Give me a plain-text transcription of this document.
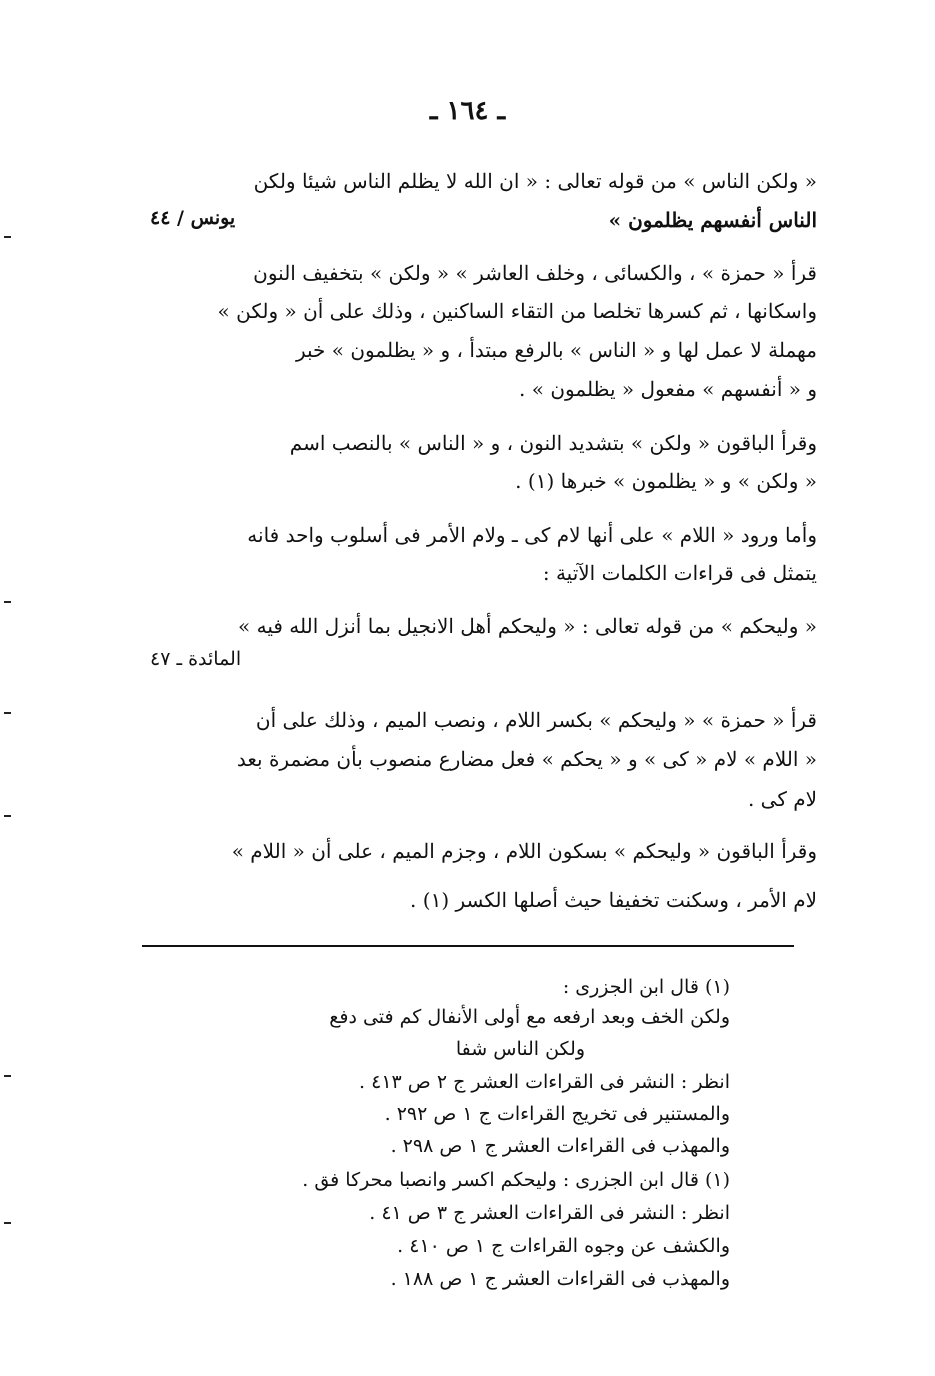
ـ ١٦٤ ـ
« ولكن الناس » من قوله تعالى : « ان الله لا يظلم الناس شيئا ولكن
الناس أنفسهم يظلمون »
يونس / ٤٤
قرأ « حمزة » ، والكسائى ، وخلف العاشر » « ولكن » بتخفيف النون
واسكانها ، ثم كسرها تخلصا من التقاء الساكنين ، وذلك على أن « ولكن »
مهملة لا عمل لها و « الناس » بالرفع مبتدأ ، و « يظلمون » خبر
و « أنفسهم » مفعول « يظلمون » .
وقرأ الباقون « ولكن » بتشديد النون ، و « الناس » بالنصب اسم
« ولكن » و « يظلمون » خبرها (١) .
وأما ورود « اللام » على أنها لام كى ـ ولام الأمر فى أسلوب واحد فانه
يتمثل فى قراءات الكلمات الآتية :
« وليحكم » من قوله تعالى : « وليحكم أهل الانجيل بما أنزل الله فيه »
المائدة ـ ٤٧
قرأ « حمزة » « وليحكم » بكسر اللام ، ونصب الميم ، وذلك على أن
« اللام » لام « كى » و « يحكم » فعل مضارع منصوب بأن مضمرة بعد
لام كى .
وقرأ الباقون « وليحكم » بسكون اللام ، وجزم الميم ، على أن « اللام »
لام الأمر ، وسكنت تخفيفا حيث أصلها الكسر (١) .
(١) قال ابن الجزرى :
ولكن الخف وبعد ارفعه مع أولى الأنفال كم فتى دفع
ولكن الناس شفا
انظر : النشر فى القراءات العشر ج ٢ ص ٤١٣ .
والمستنير فى تخريج القراءات ج ١ ص ٢٩٢ .
والمهذب فى القراءات العشر ج ١ ص ٢٩٨ .
(١) قال ابن الجزرى : وليحكم اكسر وانصبا محركا فق .
انظر : النشر فى القراءات العشر ج ٣ ص ٤١ .
والكشف عن وجوه القراءات ج ١ ص ٤١٠ .
والمهذب فى القراءات العشر ج ١ ص ١٨٨ .
